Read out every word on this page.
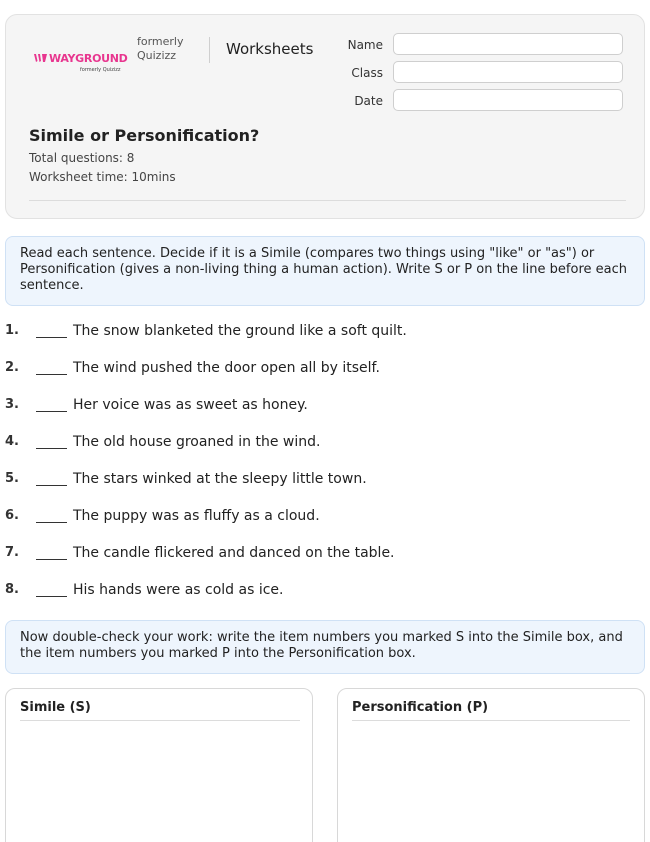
WAYGROUND
formerly Quizizz
formerly Quizizz	Worksheets	Name
Class
Date
Simile or Personification?
Total questions: 8
Worksheet time: 10mins
Read each sentence. Decide if it is a Simile (compares two things using "like" or "as") or Personification (gives a non-living thing a human action). Write S or P on the line before each sentence.
1.	The snow blanketed the ground like a soft quilt.
2.	The wind pushed the door open all by itself.
3.	Her voice was as sweet as honey.
4.	The old house groaned in the wind.
5.	The stars winked at the sleepy little town.
6.	The puppy was as fluffy as a cloud.
7.	The candle flickered and danced on the table.
8.	His hands were as cold as ice.
Now double-check your work: write the item numbers you marked S into the Simile box, and the item numbers you marked P into the Personification box.
Simile (S)	Personification (P)
